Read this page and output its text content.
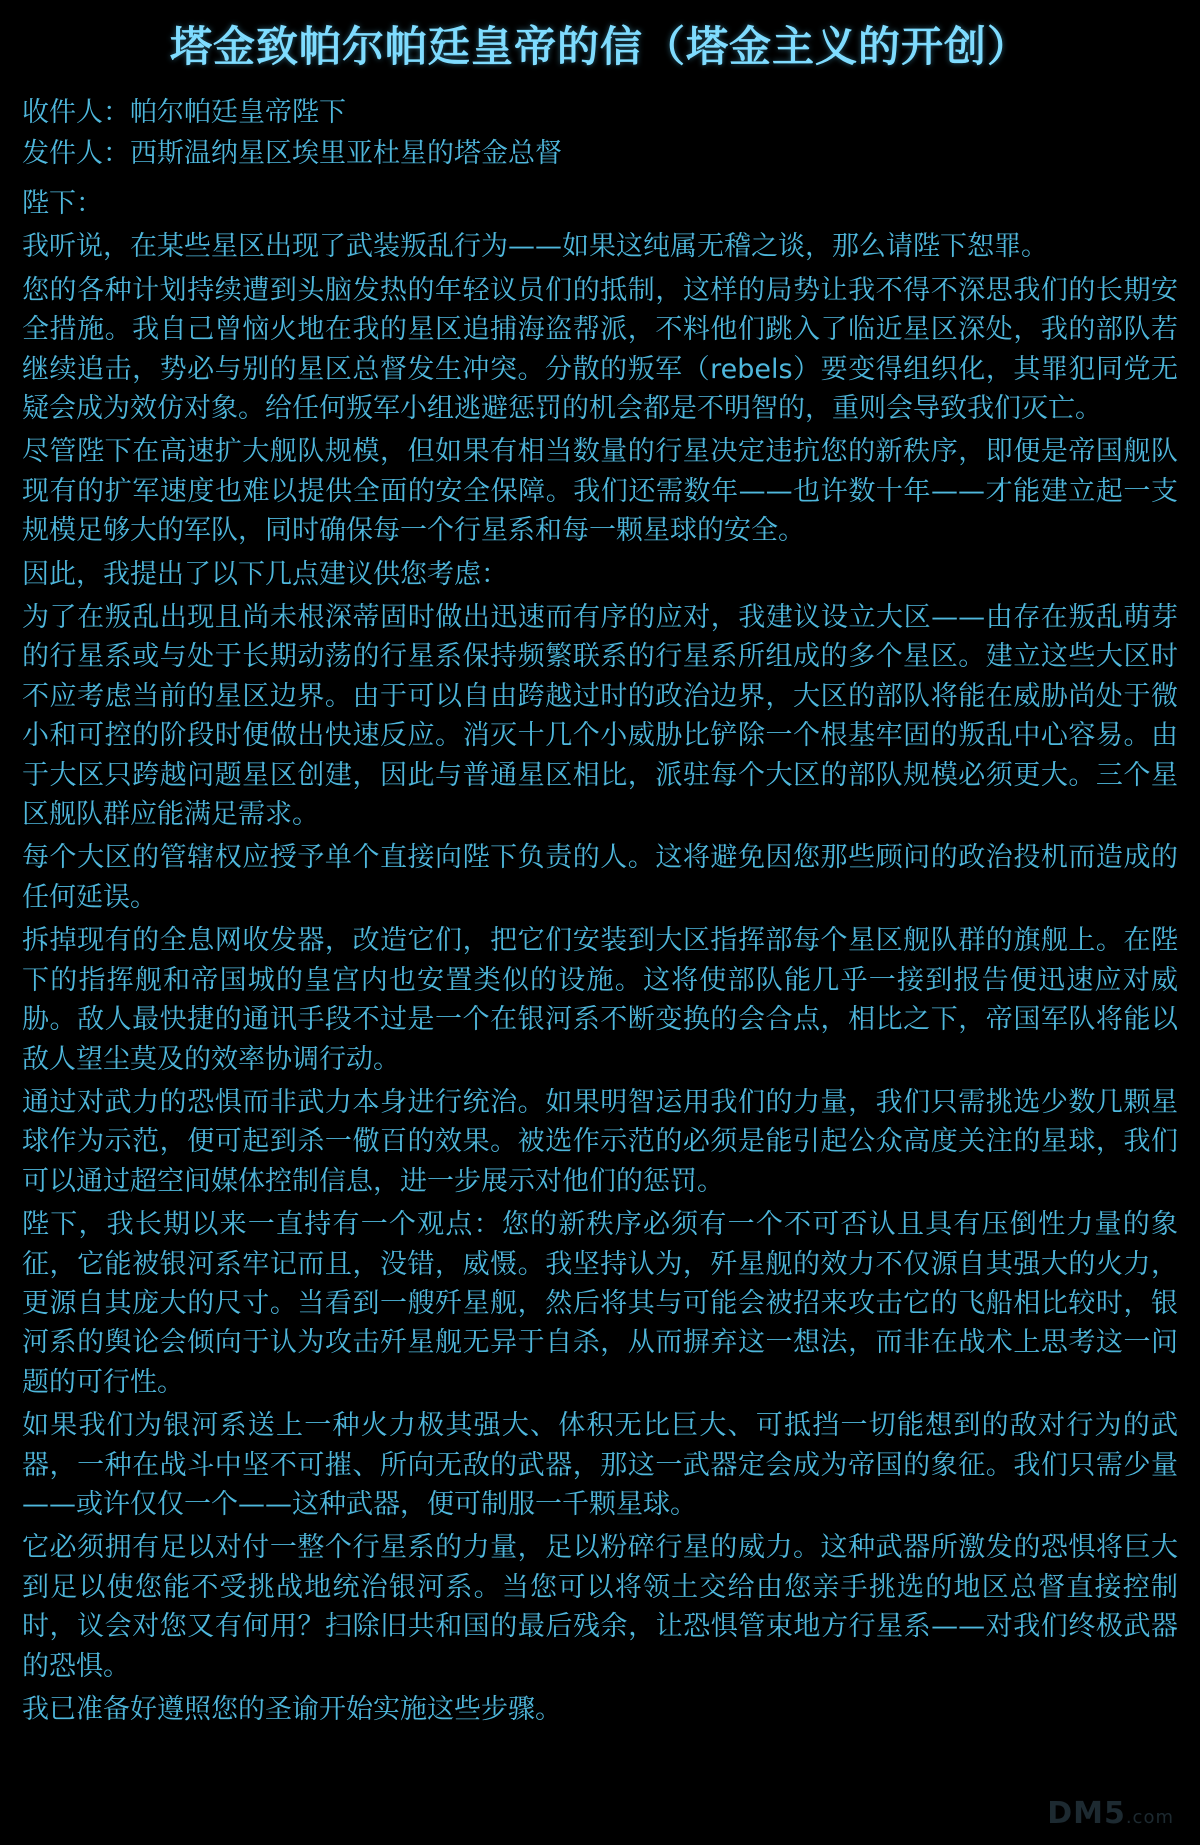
塔金致帕尔帕廷皇帝的信（塔金主义的开创）

收件人：帕尔帕廷皇帝陛下

发件人：西斯温纳星区埃里亚杜星的塔金总督

陛下：

我听说，在某些星区出现了武装叛乱行为——如果这纯属无稽之谈，那么请陛下恕罪。

您的各种计划持续遭到头脑发热的年轻议员们的抵制，这样的局势让我不得不深思我们的长期安全措施。我自己曾恼火地在我的星区追捕海盗帮派，不料他们跳入了临近星区深处，我的部队若继续追击，势必与别的星区总督发生冲突。分散的叛军（rebels）要变得组织化，其罪犯同党无疑会成为效仿对象。给任何叛军小组逃避惩罚的机会都是不明智的，重则会导致我们灭亡。

尽管陛下在高速扩大舰队规模，但如果有相当数量的行星决定违抗您的新秩序，即便是帝国舰队现有的扩军速度也难以提供全面的安全保障。我们还需数年——也许数十年——才能建立起一支规模足够大的军队，同时确保每一个行星系和每一颗星球的安全。

因此，我提出了以下几点建议供您考虑：

为了在叛乱出现且尚未根深蒂固时做出迅速而有序的应对，我建议设立大区——由存在叛乱萌芽的行星系或与处于长期动荡的行星系保持频繁联系的行星系所组成的多个星区。建立这些大区时不应考虑当前的星区边界。由于可以自由跨越过时的政治边界，大区的部队将能在威胁尚处于微小和可控的阶段时便做出快速反应。消灭十几个小威胁比铲除一个根基牢固的叛乱中心容易。由于大区只跨越问题星区创建，因此与普通星区相比，派驻每个大区的部队规模必须更大。三个星区舰队群应能满足需求。

每个大区的管辖权应授予单个直接向陛下负责的人。这将避免因您那些顾问的政治投机而造成的任何延误。

拆掉现有的全息网收发器，改造它们，把它们安装到大区指挥部每个星区舰队群的旗舰上。在陛下的指挥舰和帝国城的皇宫内也安置类似的设施。这将使部队能几乎一接到报告便迅速应对威胁。敌人最快捷的通讯手段不过是一个在银河系不断变换的会合点，相比之下，帝国军队将能以敌人望尘莫及的效率协调行动。

通过对武力的恐惧而非武力本身进行统治。如果明智运用我们的力量，我们只需挑选少数几颗星球作为示范，便可起到杀一儆百的效果。被选作示范的必须是能引起公众高度关注的星球，我们可以通过超空间媒体控制信息，进一步展示对他们的惩罚。

陛下，我长期以来一直持有一个观点：您的新秩序必须有一个不可否认且具有压倒性力量的象征，它能被银河系牢记而且，没错，威慑。我坚持认为，歼星舰的效力不仅源自其强大的火力，更源自其庞大的尺寸。当看到一艘歼星舰，然后将其与可能会被招来攻击它的飞船相比较时，银河系的舆论会倾向于认为攻击歼星舰无异于自杀，从而摒弃这一想法，而非在战术上思考这一问题的可行性。

如果我们为银河系送上一种火力极其强大、体积无比巨大、可抵挡一切能想到的敌对行为的武器，一种在战斗中坚不可摧、所向无敌的武器，那这一武器定会成为帝国的象征。我们只需少量——或许仅仅一个——这种武器，便可制服一千颗星球。

它必须拥有足以对付一整个行星系的力量，足以粉碎行星的威力。这种武器所激发的恐惧将巨大到足以使您能不受挑战地统治银河系。当您可以将领土交给由您亲手挑选的地区总督直接控制时，议会对您又有何用？扫除旧共和国的最后残余，让恐惧管束地方行星系——对我们终极武器的恐惧。

我已准备好遵照您的圣谕开始实施这些步骤。

DM5.com
